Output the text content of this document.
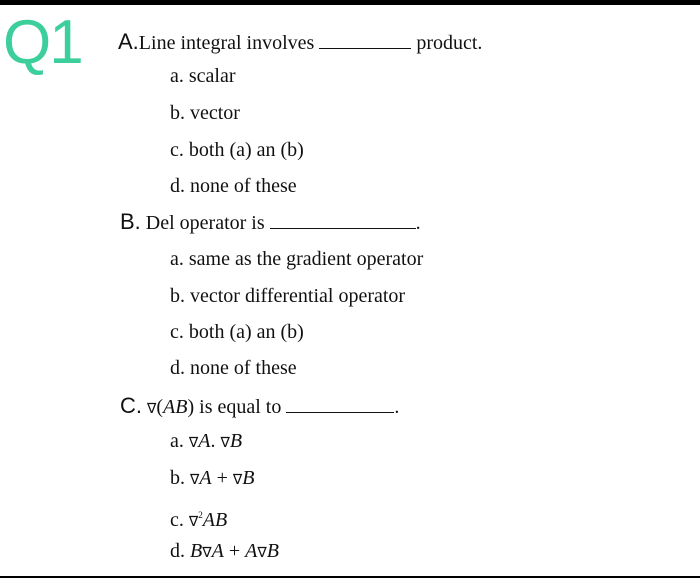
Q1 A.Line integral involves	product.
a. scalar
b. vector
c. both (a) an (b)
d. none of these
B. Del operator is	.
a. same as the gradient operator
b. vector differential operator
c. both (a) an (b)
d. none of these
C. ∇(AB) is equal to	.
a. ∇A. ∇B
b. ∇A + ∇B
c. ∇$^2$AB
d. B∇A + A∇B
